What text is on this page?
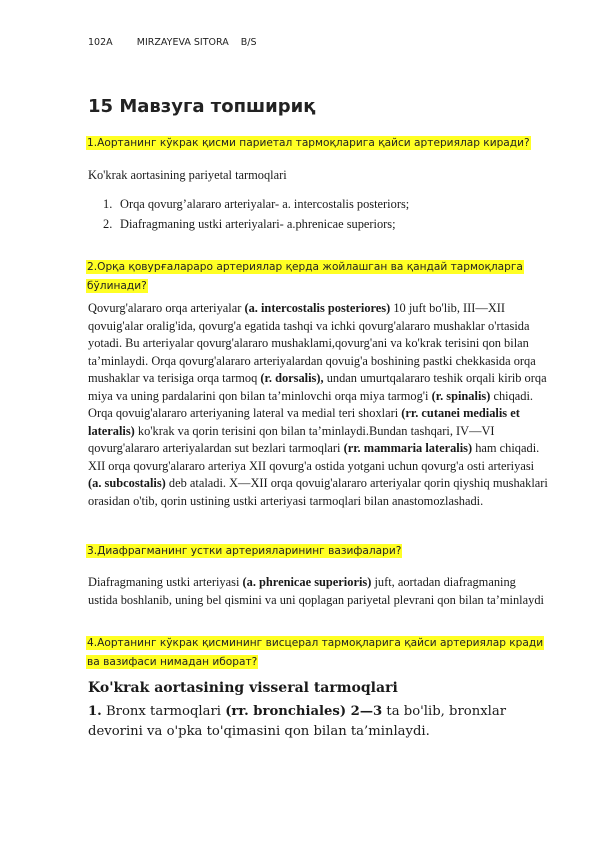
102A        MIRZAYEVA SITORA    B/S
15 Мавзуга топшириқ
1.Аортанинг кўкрак қисми париетал тармоқларига қайси артериялар киради?

Ko'krak aortasining pariyetal tarmoqlari

1. Orqa qovurg’alararo arteriyalar- a. intercostalis posteriors;
2. Diafragmaning ustki arteriyalari- a.phrenicae superiors;
2.Орқа қовурғалараро артериялар қерда жойлашган ва қандай тармоқларга бўлинади?

Qovurg'alararo orqa arteriyalar (a. intercostalis posteriores) 10 juft bo'lib, III—XII qovuig'alar oralig'ida, qovurg'a egatida tashqi va ichki qovurg'alararo mushaklar o'rtasida yotadi. Bu arteriyalar qovurg'alararo mushaklami,qovurg'ani va ko'krak terisini qon bilan ta’minlaydi. Orqa qovurg'alararo arteriyalardan qovuig'a boshining pastki chekkasida orqa mushaklar va terisiga orqa tarmoq (r. dorsalis), undan umurtqalararo teshik orqali kirib orqa miya va uning pardalarini qon bilan ta’minlovchi orqa miya tarmog'i (r. spinalis) chiqadi. Orqa qovuig'alararo arteriyaning lateral va medial teri shoxlari (rr. cutanei medialis et lateralis) ko'krak va qorin terisini qon bilan ta’minlaydi.Bundan tashqari, IV—VI qovurg'alararo arteriyalardan sut bezlari tarmoqlari (rr. mammaria lateralis) ham chiqadi. XII orqa qovurg'alararo arteriya XII qovurg'a ostida yotgani uchun qovurg'a osti arteriyasi (a. subcostalis) deb ataladi. X—XII orqa qovuig'alararo arteriyalar qorin qiyshiq mushaklari orasidan o'tib, qorin ustining ustki arteriyasi tarmoqlari bilan anastomozlashadi.

3.Диафрагманинг устки артерияларининг вазифалари?

Diafragmaning ustki arteriyasi (a. phrenicae superioris) juft, aortadan diafragmaning ustida boshlanib, uning bel qismini va uni qoplagan pariyetal plevrani qon bilan ta’minlaydi

4.Аортанинг кўкрак қисмининг висцерал тармоқларига қайси артериялар кради ва вазифаси нимадан иборат?
Ko'krak aortasining visseral tarmoqlari

1. Bronx tarmoqlari (rr. bronchiales) 2—3 ta bo'lib, bronxlar devorini va o'pka to'qimasini qon bilan ta’minlaydi.
